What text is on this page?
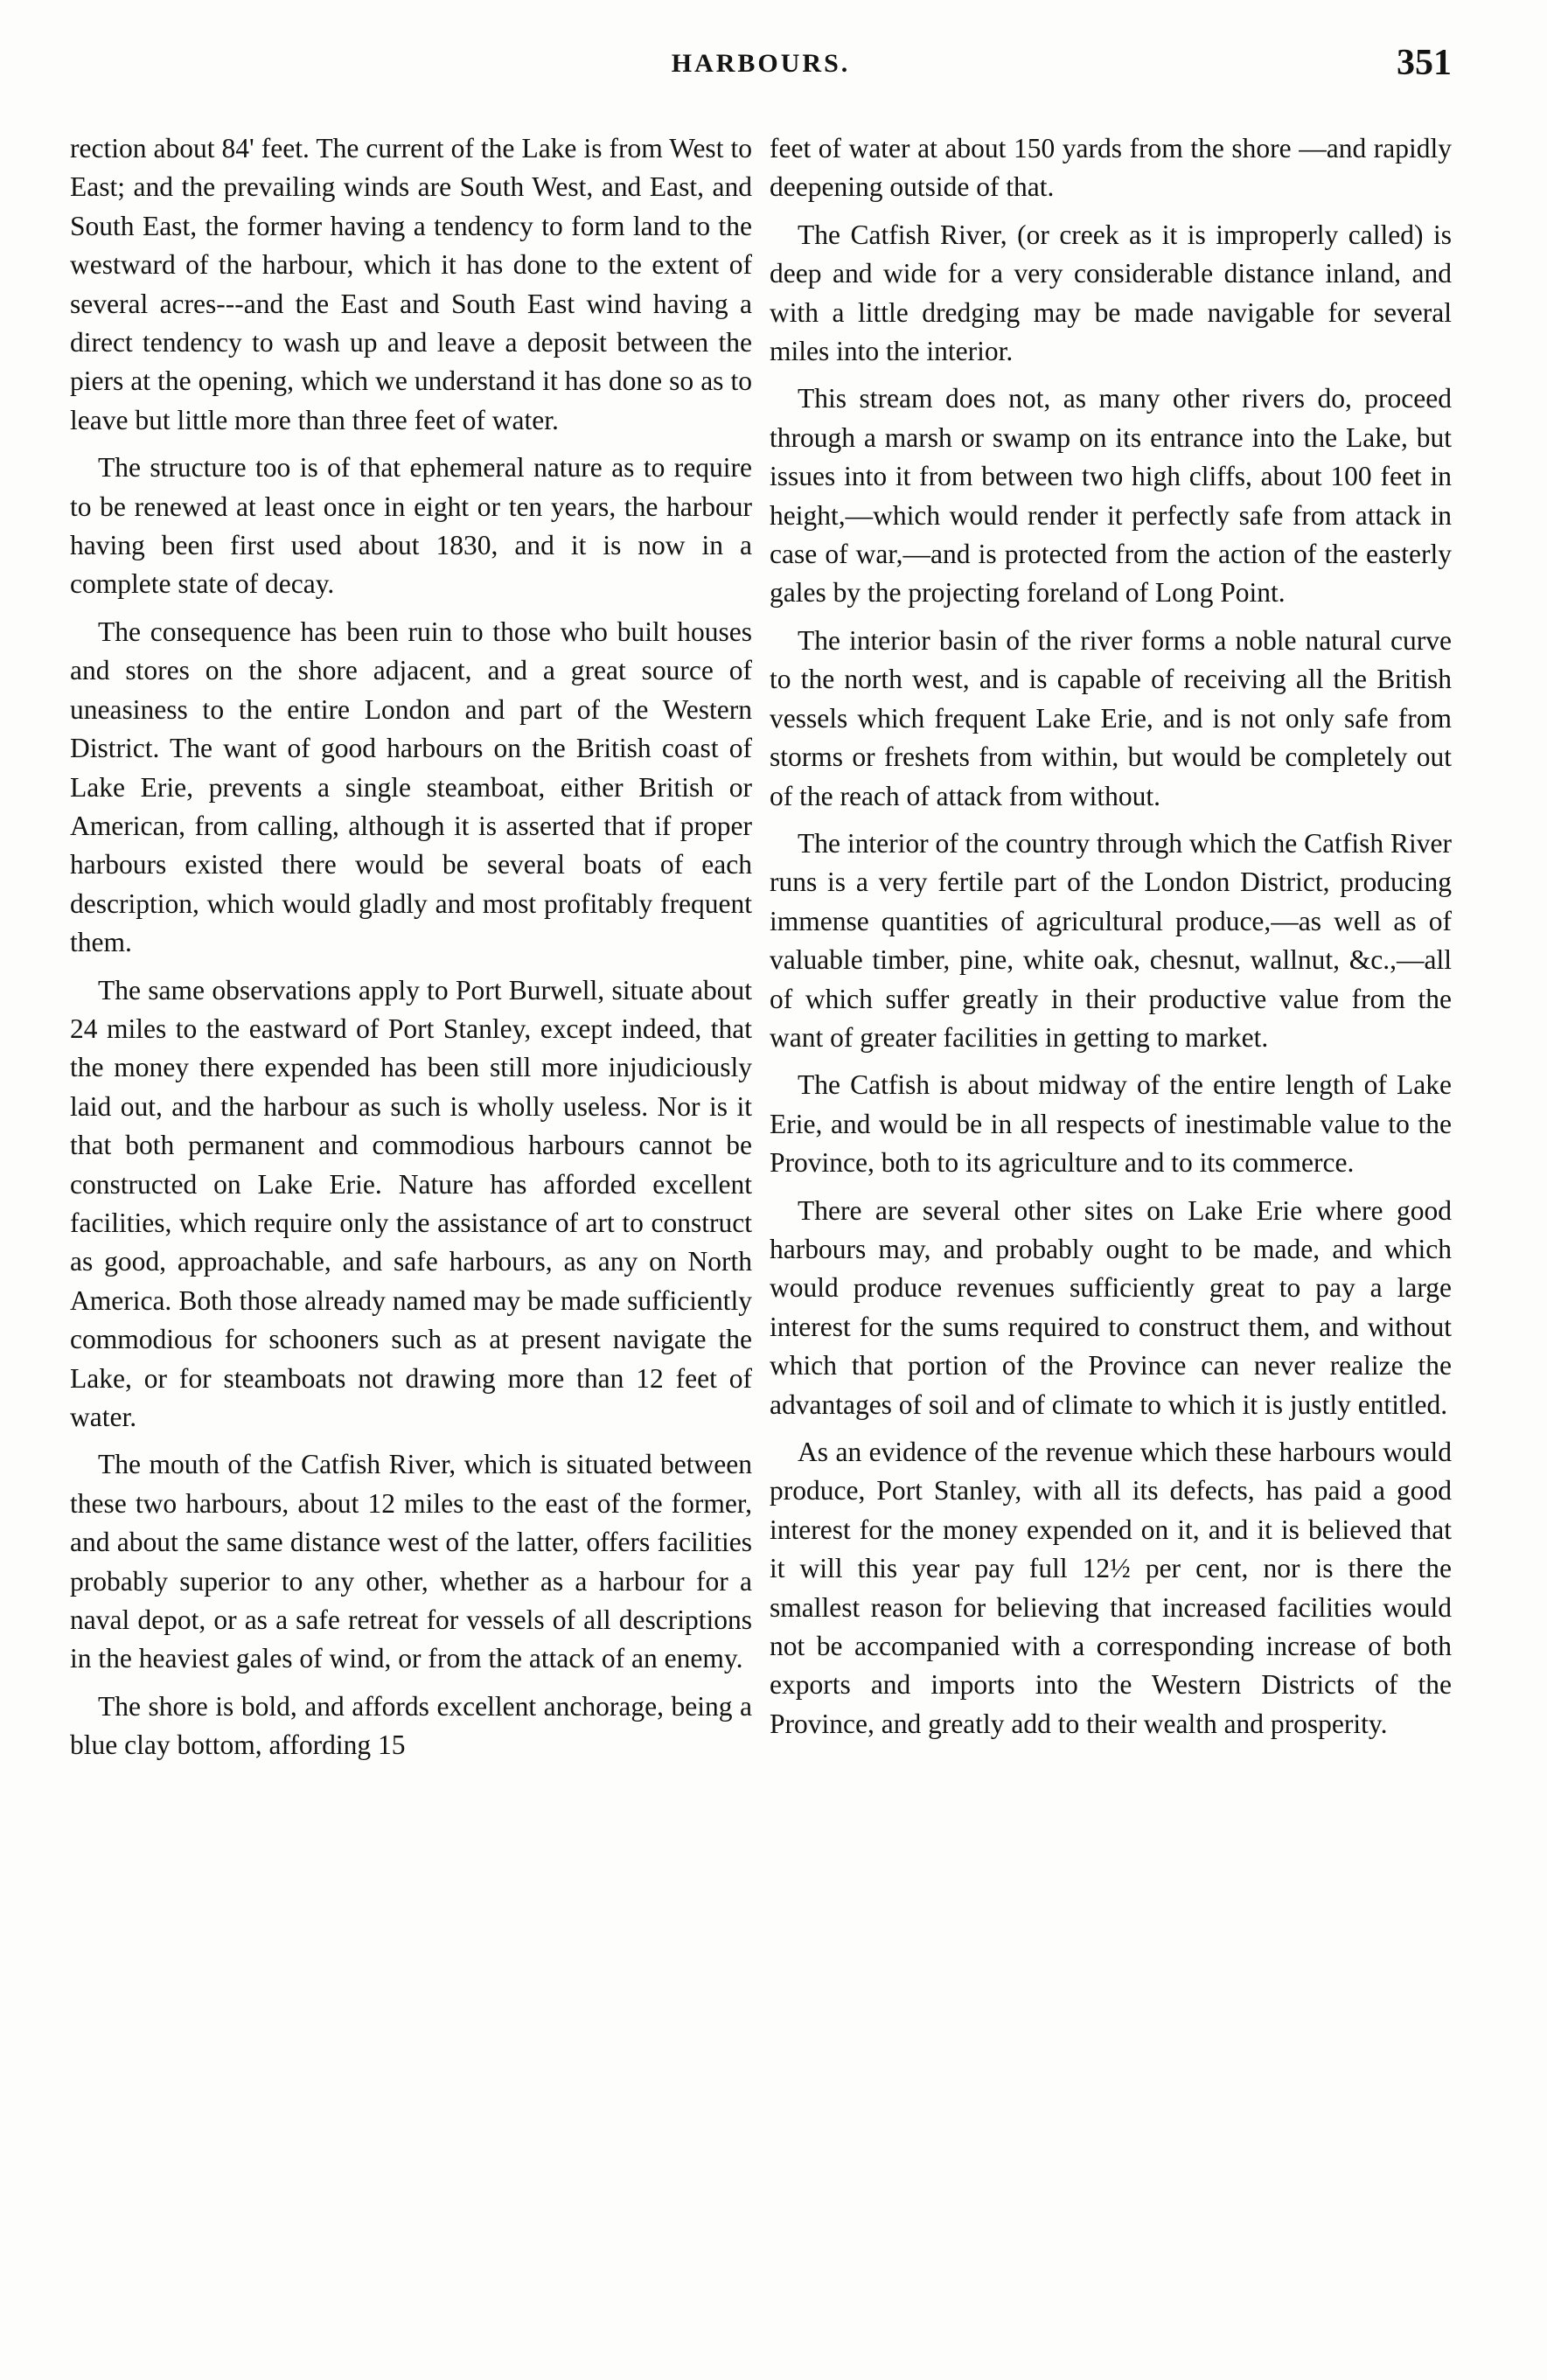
HARBOURS.	351

rection about 84' feet. The current of the Lake is from West to East; and the prevailing winds are South West, and East, and South East, the former having a tendency to form land to the westward of the harbour, which it has done to the extent of several acres---and the East and South East wind having a direct tendency to wash up and leave a deposit between the piers at the opening, which we understand it has done so as to leave but little more than three feet of water.

The structure too is of that ephemeral nature as to require to be renewed at least once in eight or ten years, the harbour having been first used about 1830, and it is now in a complete state of decay.

The consequence has been ruin to those who built houses and stores on the shore adjacent, and a great source of uneasiness to the entire London and part of the Western District. The want of good harbours on the British coast of Lake Erie, prevents a single steamboat, either British or American, from calling, although it is asserted that if proper harbours existed there would be several boats of each description, which would gladly and most profitably frequent them.

The same observations apply to Port Burwell, situate about 24 miles to the eastward of Port Stanley, except indeed, that the money there expended has been still more injudiciously laid out, and the harbour as such is wholly useless. Nor is it that both permanent and commodious harbours cannot be constructed on Lake Erie. Nature has afforded excellent facilities, which require only the assistance of art to construct as good, approachable, and safe harbours, as any on North America. Both those already named may be made sufficiently commodious for schooners such as at present navigate the Lake, or for steamboats not drawing more than 12 feet of water.

The mouth of the Catfish River, which is situated between these two harbours, about 12 miles to the east of the former, and about the same distance west of the latter, offers facilities probably superior to any other, whether as a harbour for a naval depot, or as a safe retreat for vessels of all descriptions in the heaviest gales of wind, or from the attack of an enemy.

The shore is bold, and affords excellent anchorage, being a blue clay bottom, affording 15

feet of water at about 150 yards from the shore —and rapidly deepening outside of that.

The Catfish River, (or creek as it is improperly called) is deep and wide for a very considerable distance inland, and with a little dredging may be made navigable for several miles into the interior.

This stream does not, as many other rivers do, proceed through a marsh or swamp on its entrance into the Lake, but issues into it from between two high cliffs, about 100 feet in height,—which would render it perfectly safe from attack in case of war,—and is protected from the action of the easterly gales by the projecting foreland of Long Point.

The interior basin of the river forms a noble natural curve to the north west, and is capable of receiving all the British vessels which frequent Lake Erie, and is not only safe from storms or freshets from within, but would be completely out of the reach of attack from without.

The interior of the country through which the Catfish River runs is a very fertile part of the London District, producing immense quantities of agricultural produce,—as well as of valuable timber, pine, white oak, chesnut, wallnut, &c.,—all of which suffer greatly in their productive value from the want of greater facilities in getting to market.

The Catfish is about midway of the entire length of Lake Erie, and would be in all respects of inestimable value to the Province, both to its agriculture and to its commerce.

There are several other sites on Lake Erie where good harbours may, and probably ought to be made, and which would produce revenues sufficiently great to pay a large interest for the sums required to construct them, and without which that portion of the Province can never realize the advantages of soil and of climate to which it is justly entitled.

As an evidence of the revenue which these harbours would produce, Port Stanley, with all its defects, has paid a good interest for the money expended on it, and it is believed that it will this year pay full 12½ per cent, nor is there the smallest reason for believing that increased facilities would not be accompanied with a corresponding increase of both exports and imports into the Western Districts of the Province, and greatly add to their wealth and prosperity.
